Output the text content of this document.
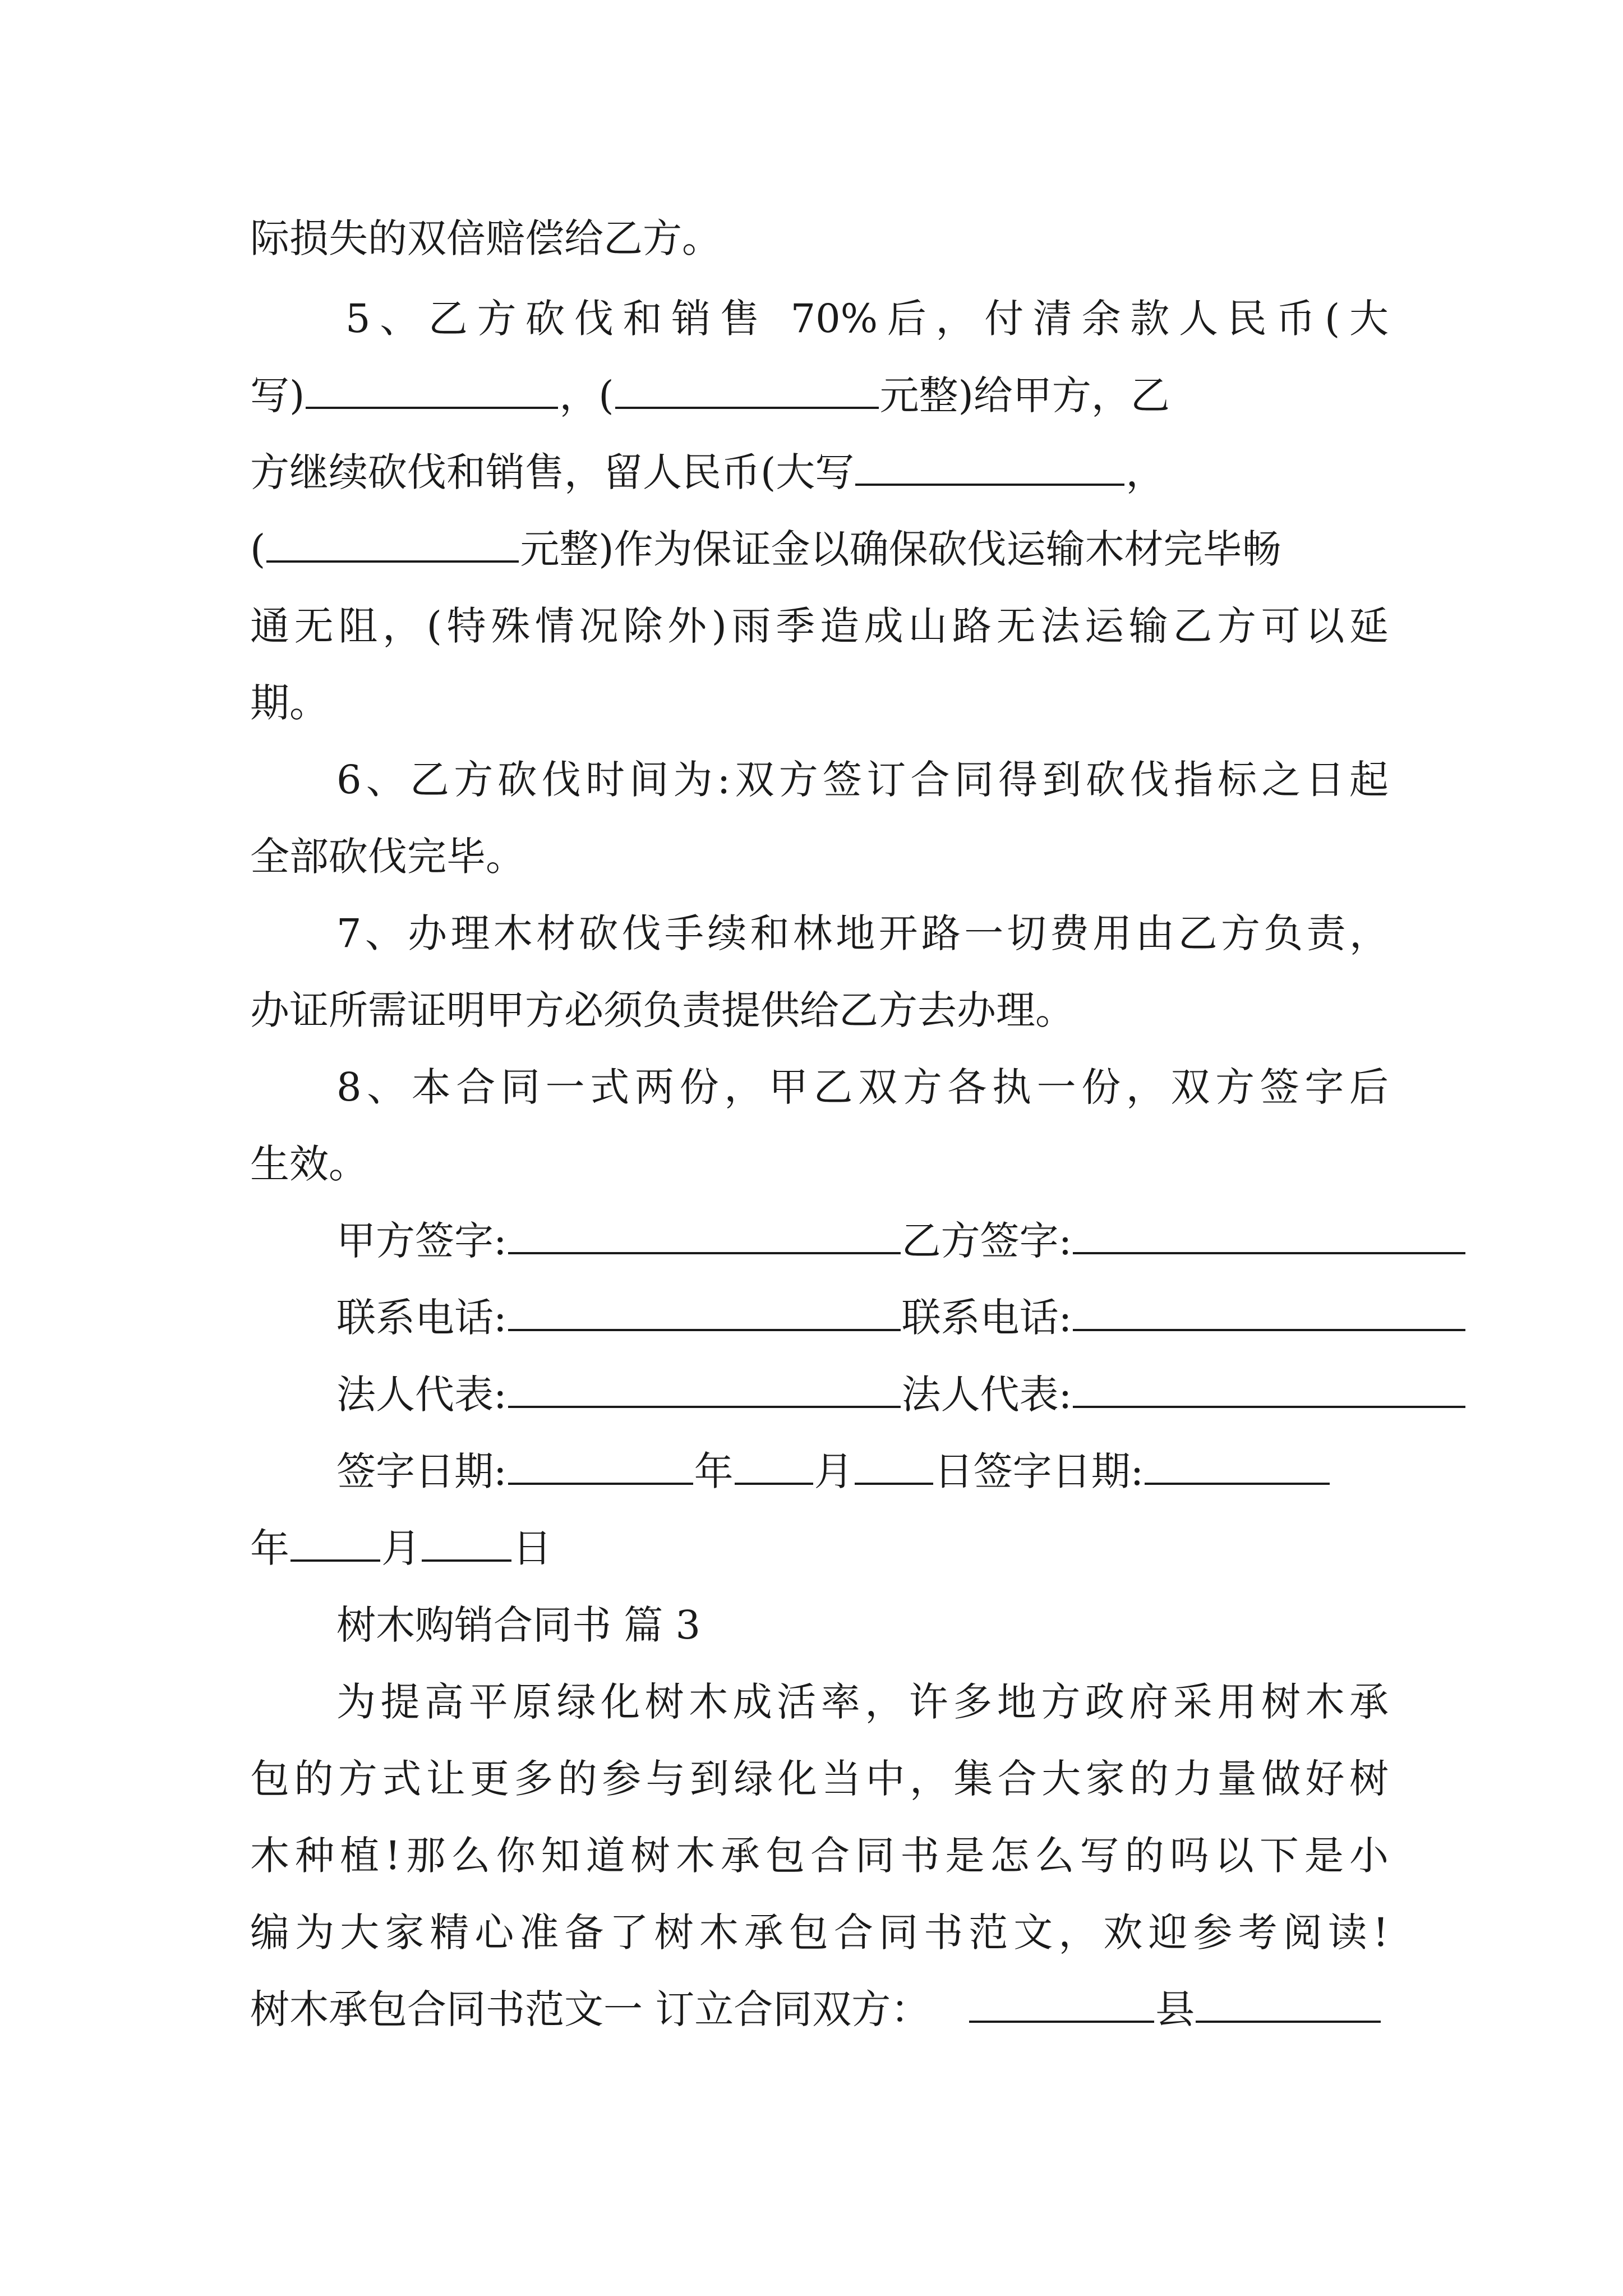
际损失的双倍赔偿给乙方。
5、乙方砍伐和销售 70%后，付清余款人民币(大
写)	，(	元整)给甲方，乙
方继续砍伐和销售，留人民币(大写	，
(	元整)作为保证金以确保砍伐运输木材完毕畅
通无阻，(特殊情况除外)雨季造成山路无法运输乙方可以延
期。
6、乙方砍伐时间为:双方签订合同得到砍伐指标之日起
全部砍伐完毕。
7、办理木材砍伐手续和林地开路一切费用由乙方负责，
办证所需证明甲方必须负责提供给乙方去办理。
8、本合同一式两份，甲乙双方各执一份，双方签字后
生效。
甲方签字:	乙方签字:
联系电话:	联系电话:
法人代表:	法人代表:
签字日期:	年 月 日签字日期:
年 月 日
树木购销合同书 篇 3
为提高平原绿化树木成活率，许多地方政府采用树木承
包的方式让更多的参与到绿化当中，集合大家的力量做好树
木种植!那么你知道树木承包合同书是怎么写的吗以下是小
编为大家精心准备了树木承包合同书范文，欢迎参考阅读!
树木承包合同书范文一 订立合同双方：	县
